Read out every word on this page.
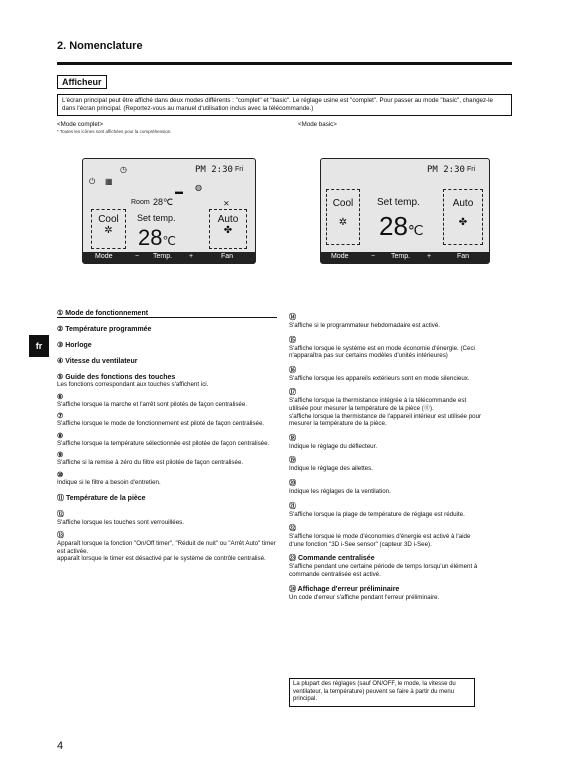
2. Nomenclature
Afficheur
L'écran principal peut être affiché dans deux modes différents : "complet" et "basic". Le réglage usine est "complet". Pour passer au mode "basic", changez-le dans l'écran principal. (Reportez-vous au manuel d'utilisation inclus avec la télécommande.)
<Mode complet>
* Toutes les icônes sont affichées pour la compréhension.
<Mode basic>
PM 2:30 Fri
⏻ ▦
◷
▬ ◍
⨯
Room 28℃
Cool
✲
Set temp.
28℃
Auto
✤
Mode	− Temp. +	Fan
PM 2:30 Fri
Cool
✲
Set temp.
28℃
Auto
✤
Mode	− Temp. +	Fan
fr
① Mode de fonctionnement
② Température programmée
③ Horloge
④ Vitesse du ventilateur
⑤ Guide des fonctions des touches
Les fonctions correspondant aux touches s'affichent ici.
⑥
S'affiche lorsque la marche et l'arrêt sont pilotés de façon centralisée.
⑦
S'affiche lorsque le mode de fonctionnement est piloté de façon centralisée.
⑧
S'affiche lorsque la température sélectionnée est pilotée de façon centralisée.
⑨
S'affiche si la remise à zéro du filtre est pilotée de façon centralisée.
⑩
Indique si le filtre a besoin d'entretien.
⑪ Température de la pièce
⑫
S'affiche lorsque les touches sont verrouillées.
⑬
Apparaît lorsque la fonction "On/Off timer", "Réduit de nuit" ou "Arrêt Auto" timer est activée.
apparaît lorsque le timer est désactivé par le système de contrôle centralisé.
⑭
S'affiche si le programmateur hebdomadaire est activé.
⑮
S'affiche lorsque le système est en mode économie d'énergie. (Ceci n'apparaîtra pas sur certains modèles d'unités intérieures)
⑯
S'affiche lorsque les appareils extérieurs sont en mode silencieux.
⑰
S'affiche lorsque la thermistance intégrée à la télécommande est utilisée pour mesurer la température de la pièce (⑪).
s'affiche lorsque la thermistance de l'appareil intérieur est utilisée pour mesurer la température de la pièce.
⑱
Indique le réglage du déflecteur.
⑲
Indique le réglage des ailettes.
⑳
Indique les réglages de la ventilation.
㉑
S'affiche lorsque la plage de température de réglage est réduite.
㉒
S'affiche lorsque le mode d'économies d'énergie est activé à l'aide d'une fonction "3D i-See sensor" (capteur 3D i-See).
㉓ Commande centralisée
S'affiche pendant une certaine période de temps lorsqu'un élément à commande centralisée est activé.
㉔ Affichage d'erreur préliminaire
Un code d'erreur s'affiche pendant l'erreur préliminaire.
La plupart des réglages (sauf ON/OFF, le mode, la vitesse du ventilateur, la température) peuvent se faire à partir du menu principal.
4
